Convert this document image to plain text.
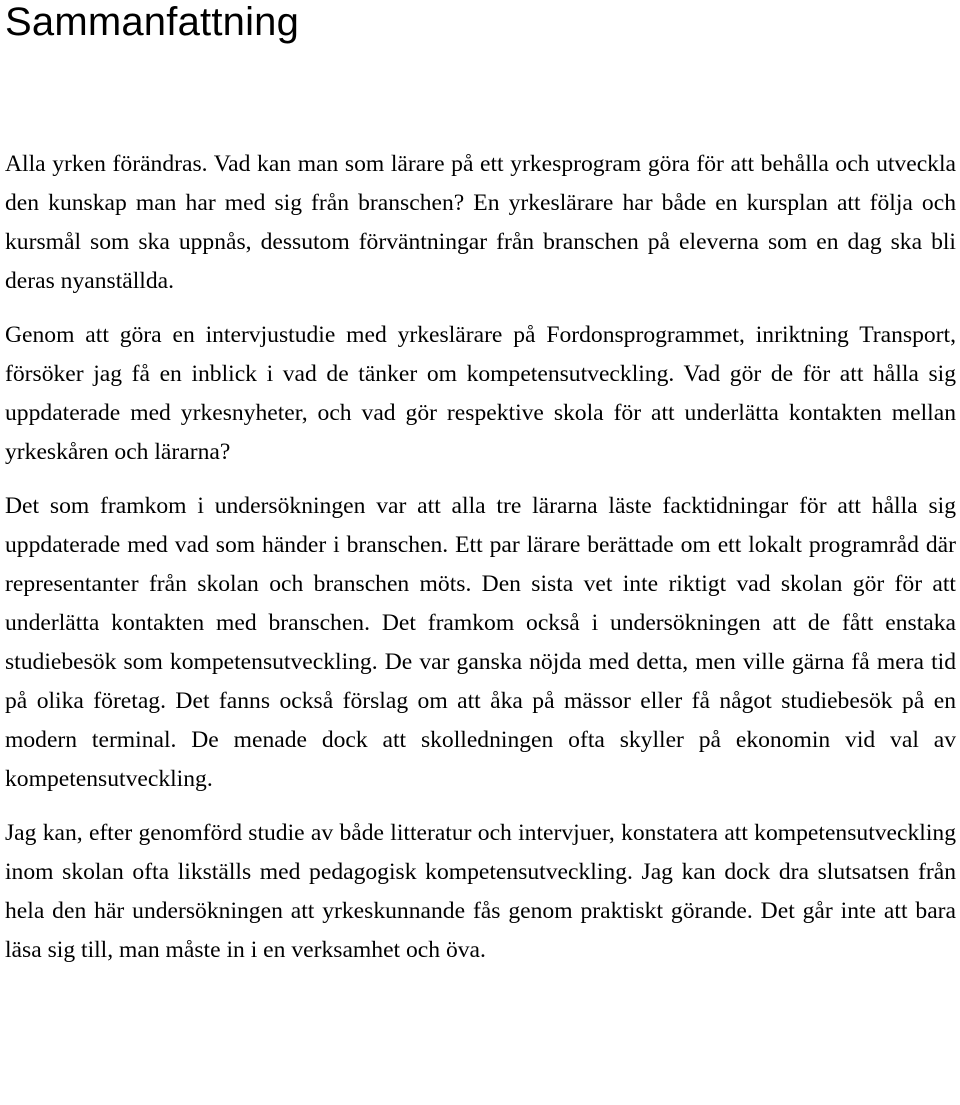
Sammanfattning

Alla yrken förändras. Vad kan man som lärare på ett yrkesprogram göra för att behålla och utveckla den kunskap man har med sig från branschen? En yrkeslärare har både en kursplan att följa och kursmål som ska uppnås, dessutom förväntningar från branschen på eleverna som en dag ska bli deras nyanställda.

Genom att göra en intervjustudie med yrkeslärare på Fordonsprogrammet, inriktning Transport, försöker jag få en inblick i vad de tänker om kompetensutveckling. Vad gör de för att hålla sig uppdaterade med yrkesnyheter, och vad gör respektive skola för att underlätta kontakten mellan yrkeskåren och lärarna?

Det som framkom i undersökningen var att alla tre lärarna läste facktidningar för att hålla sig uppdaterade med vad som händer i branschen. Ett par lärare berättade om ett lokalt programråd där representanter från skolan och branschen möts. Den sista vet inte riktigt vad skolan gör för att underlätta kontakten med branschen. Det framkom också i undersökningen att de fått enstaka studiebesök som kompetensutveckling. De var ganska nöjda med detta, men ville gärna få mera tid på olika företag. Det fanns också förslag om att åka på mässor eller få något studiebesök på en modern terminal. De menade dock att skolledningen ofta skyller på ekonomin vid val av kompetensutveckling.

Jag kan, efter genomförd studie av både litteratur och intervjuer, konstatera att kompetensutveckling inom skolan ofta likställs med pedagogisk kompetensutveckling. Jag kan dock dra slutsatsen från hela den här undersökningen att yrkeskunnande fås genom praktiskt görande. Det går inte att bara läsa sig till, man måste in i en verksamhet och öva.
